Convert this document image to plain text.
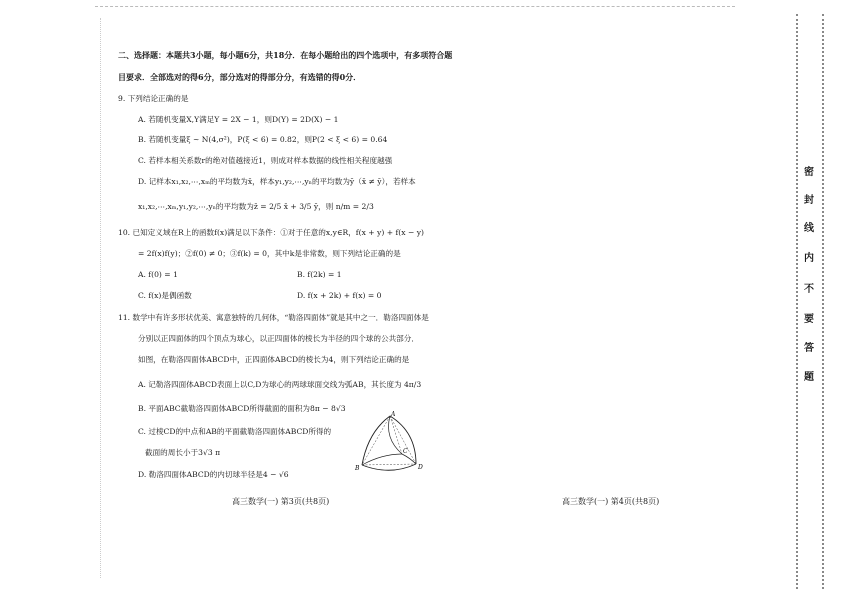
二、选择题：本题共3小题，每小题6分，共18分．在每小题给出的四个选项中，有多项符合题
目要求．全部选对的得6分，部分选对的得部分分，有选错的得0分．
9. 下列结论正确的是
A. 若随机变量X,Y满足Y = 2X − 1，则D(Y) = 2D(X) − 1
B. 若随机变量ξ ~ N(4,σ²)，P(ξ < 6) = 0.82，则P(2 < ξ < 6) = 0.64
C. 若样本相关系数r的绝对值越接近1，则成对样本数据的线性相关程度越强
D. 记样本x₁,x₂,⋯,xₘ的平均数为x̄，样本y₁,y₂,⋯,yₙ的平均数为ȳ（x̄ ≠ ȳ），若样本
x₁,x₂,⋯,xₘ,y₁,y₂,⋯,yₙ的平均数为z̄ = 2/5 x̄ + 3/5 ȳ，则 n/m = 2/3
10. 已知定义域在R上的函数f(x)满足以下条件：①对于任意的x,y∈R，f(x + y) + f(x − y)
= 2f(x)f(y)；②f(0) ≠ 0；③f(k) = 0，其中k是非常数，则下列结论正确的是
A. f(0) = 1	B. f(2k) = 1
C. f(x)是偶函数	D. f(x + 2k) + f(x) = 0
11. 数学中有许多形状优美、寓意独特的几何体，“勒洛四面体”就是其中之一．勒洛四面体是
分别以正四面体的四个顶点为球心，以正四面体的棱长为半径的四个球的公共部分．
如图，在勒洛四面体ABCD中，正四面体ABCD的棱长为4，则下列结论正确的是
A. 记勒洛四面体ABCD表面上以C,D为球心的两球球面交线为弧AB，其长度为 4π/3
B. 平面ABC截勒洛四面体ABCD所得截面的面积为8π − 8√3
C. 过棱CD的中点和AB的平面截勒洛四面体ABCD所得的
截面的周长小于3√3 π
D. 勒洛四面体ABCD的内切球半径是4 − √6
A
B
C
D
高三数学(一) 第3页(共8页)	高三数学(一) 第4页(共8页)
密
封
线
内
不
要
答
题
